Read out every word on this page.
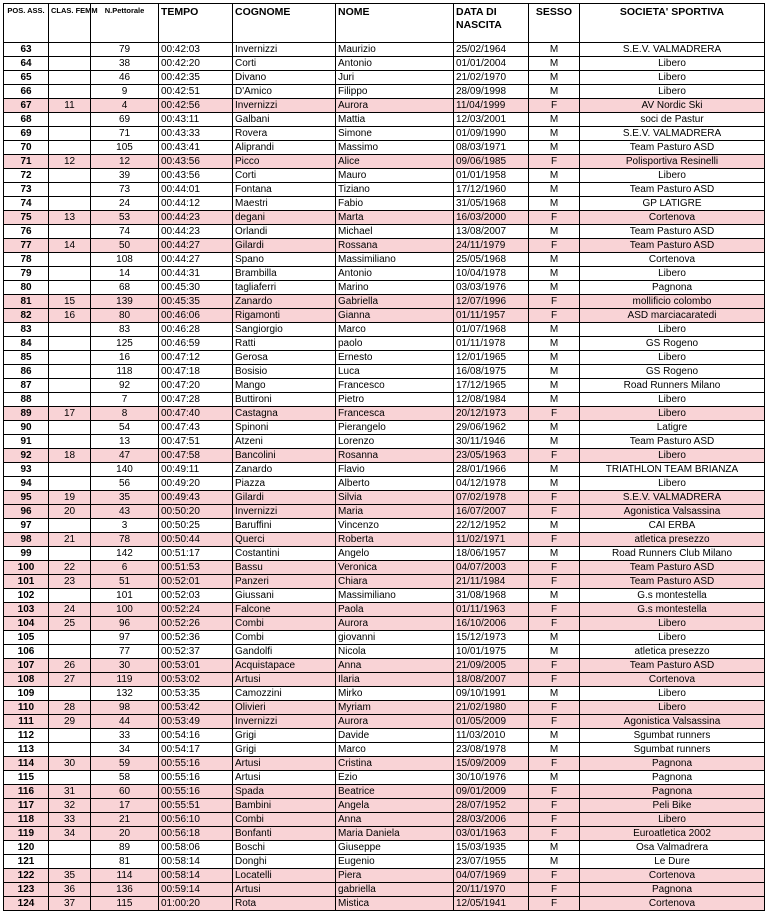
POS. ASS.	CLAS. FEMM	N.Pettorale	TEMPO	COGNOME	NOME	DATA DI NASCITA	SESSO	SOCIETA' SPORTIVA
63		79	00:42:03	Invernizzi	Maurizio	25/02/1964	M	S.E.V. VALMADRERA
64		38	00:42:20	Corti	Antonio	01/01/2004	M	Libero
65		46	00:42:35	Divano	Juri	21/02/1970	M	Libero
66		9	00:42:51	D'Amico	Filippo	28/09/1998	M	Libero
67	11	4	00:42:56	Invernizzi	Aurora	11/04/1999	F	AV Nordic Ski
68		69	00:43:11	Galbani	Mattia	12/03/2001	M	soci de Pastur
69		71	00:43:33	Rovera	Simone	01/09/1990	M	S.E.V. VALMADRERA
70		105	00:43:41	Aliprandi	Massimo	08/03/1971	M	Team Pasturo ASD
71	12	12	00:43:56	Picco	Alice	09/06/1985	F	Polisportiva Resinelli
72		39	00:43:56	Corti	Mauro	01/01/1958	M	Libero
73		73	00:44:01	Fontana	Tiziano	17/12/1960	M	Team Pasturo ASD
74		24	00:44:12	Maestri	Fabio	31/05/1968	M	GP LATIGRE
75	13	53	00:44:23	degani	Marta	16/03/2000	F	Cortenova
76		74	00:44:23	Orlandi	Michael	13/08/2007	M	Team Pasturo ASD
77	14	50	00:44:27	Gilardi	Rossana	24/11/1979	F	Team Pasturo ASD
78		108	00:44:27	Spano	Massimiliano	25/05/1968	M	Cortenova
79		14	00:44:31	Brambilla	Antonio	10/04/1978	M	Libero
80		68	00:45:30	tagliaferri	Marino	03/03/1976	M	Pagnona
81	15	139	00:45:35	Zanardo	Gabriella	12/07/1996	F	mollificio colombo
82	16	80	00:46:06	Rigamonti	Gianna	01/11/1957	F	ASD marciacaratedi
83		83	00:46:28	Sangiorgio	Marco	01/07/1968	M	Libero
84		125	00:46:59	Ratti	paolo	01/11/1978	M	GS Rogeno
85		16	00:47:12	Gerosa	Ernesto	12/01/1965	M	Libero
86		118	00:47:18	Bosisio	Luca	16/08/1975	M	GS Rogeno
87		92	00:47:20	Mango	Francesco	17/12/1965	M	Road Runners Milano
88		7	00:47:28	Buttironi	Pietro	12/08/1984	M	Libero
89	17	8	00:47:40	Castagna	Francesca	20/12/1973	F	Libero
90		54	00:47:43	Spinoni	Pierangelo	29/06/1962	M	Latigre
91		13	00:47:51	Atzeni	Lorenzo	30/11/1946	M	Team Pasturo ASD
92	18	47	00:47:58	Bancolini	Rosanna	23/05/1963	F	Libero
93		140	00:49:11	Zanardo	Flavio	28/01/1966	M	TRIATHLON TEAM BRIANZA
94		56	00:49:20	Piazza	Alberto	04/12/1978	M	Libero
95	19	35	00:49:43	Gilardi	Silvia	07/02/1978	F	S.E.V. VALMADRERA
96	20	43	00:50:20	Invernizzi	Maria	16/07/2007	F	Agonistica Valsassina
97		3	00:50:25	Baruffini	Vincenzo	22/12/1952	M	CAI ERBA
98	21	78	00:50:44	Querci	Roberta	11/02/1971	F	atletica presezzo
99		142	00:51:17	Costantini	Angelo	18/06/1957	M	Road Runners Club Milano
100	22	6	00:51:53	Bassu	Veronica	04/07/2003	F	Team Pasturo ASD
101	23	51	00:52:01	Panzeri	Chiara	21/11/1984	F	Team Pasturo ASD
102		101	00:52:03	Giussani	Massimiliano	31/08/1968	M	G.s montestella
103	24	100	00:52:24	Falcone	Paola	01/11/1963	F	G.s montestella
104	25	96	00:52:26	Combi	Aurora	16/10/2006	F	Libero
105		97	00:52:36	Combi	giovanni	15/12/1973	M	Libero
106		77	00:52:37	Gandolfi	Nicola	10/01/1975	M	atletica presezzo
107	26	30	00:53:01	Acquistapace	Anna	21/09/2005	F	Team Pasturo ASD
108	27	119	00:53:02	Artusi	Ilaria	18/08/2007	F	Cortenova
109		132	00:53:35	Camozzini	Mirko	09/10/1991	M	Libero
110	28	98	00:53:42	Olivieri	Myriam	21/02/1980	F	Libero
111	29	44	00:53:49	Invernizzi	Aurora	01/05/2009	F	Agonistica Valsassina
112		33	00:54:16	Grigi	Davide	11/03/2010	M	Sgumbat runners
113		34	00:54:17	Grigi	Marco	23/08/1978	M	Sgumbat runners
114	30	59	00:55:16	Artusi	Cristina	15/09/2009	F	Pagnona
115		58	00:55:16	Artusi	Ezio	30/10/1976	M	Pagnona
116	31	60	00:55:16	Spada	Beatrice	09/01/2009	F	Pagnona
117	32	17	00:55:51	Bambini	Angela	28/07/1952	F	Peli Bike
118	33	21	00:56:10	Combi	Anna	28/03/2006	F	Libero
119	34	20	00:56:18	Bonfanti	Maria Daniela	03/01/1963	F	Euroatletica 2002
120		89	00:58:06	Boschi	Giuseppe	15/03/1935	M	Osa Valmadrera
121		81	00:58:14	Donghi	Eugenio	23/07/1955	M	Le Dure
122	35	114	00:58:14	Locatelli	Piera	04/07/1969	F	Cortenova
123	36	136	00:59:14	Artusi	gabriella	20/11/1970	F	Pagnona
124	37	115	01:00:20	Rota	Mistica	12/05/1941	F	Cortenova
